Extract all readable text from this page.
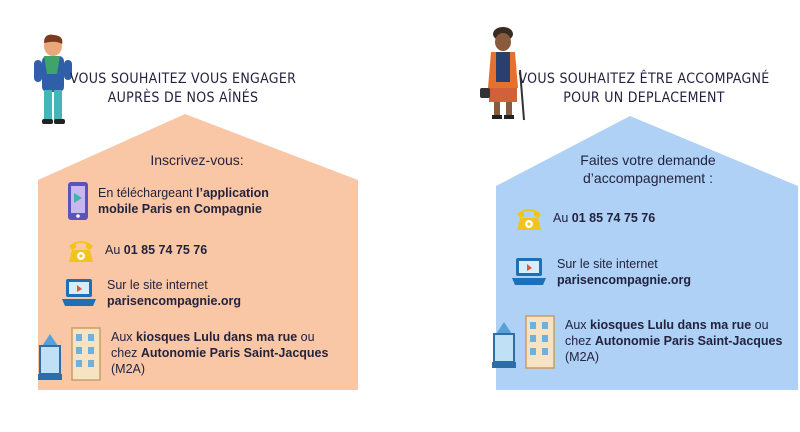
VOUS SOUHAITEZ VOUS ENGAGER
AUPRÈS DE NOS AÎNÉS
Inscrivez-vous:
En téléchargeant l’application
mobile Paris en Compagnie
Au 01 85 74 75 76
Sur le site internet
parisencompagnie.org
Aux kiosques Lulu dans ma rue ou
chez Autonomie Paris Saint-Jacques
(M2A)
VOUS SOUHAITEZ ÊTRE ACCOMPAGNÉ
POUR UN DEPLACEMENT
Faites votre demande
d’accompagnement :
Au 01 85 74 75 76
Sur le site internet
parisencompagnie.org
Aux kiosques Lulu dans ma rue ou
chez Autonomie Paris Saint-Jacques
(M2A)
